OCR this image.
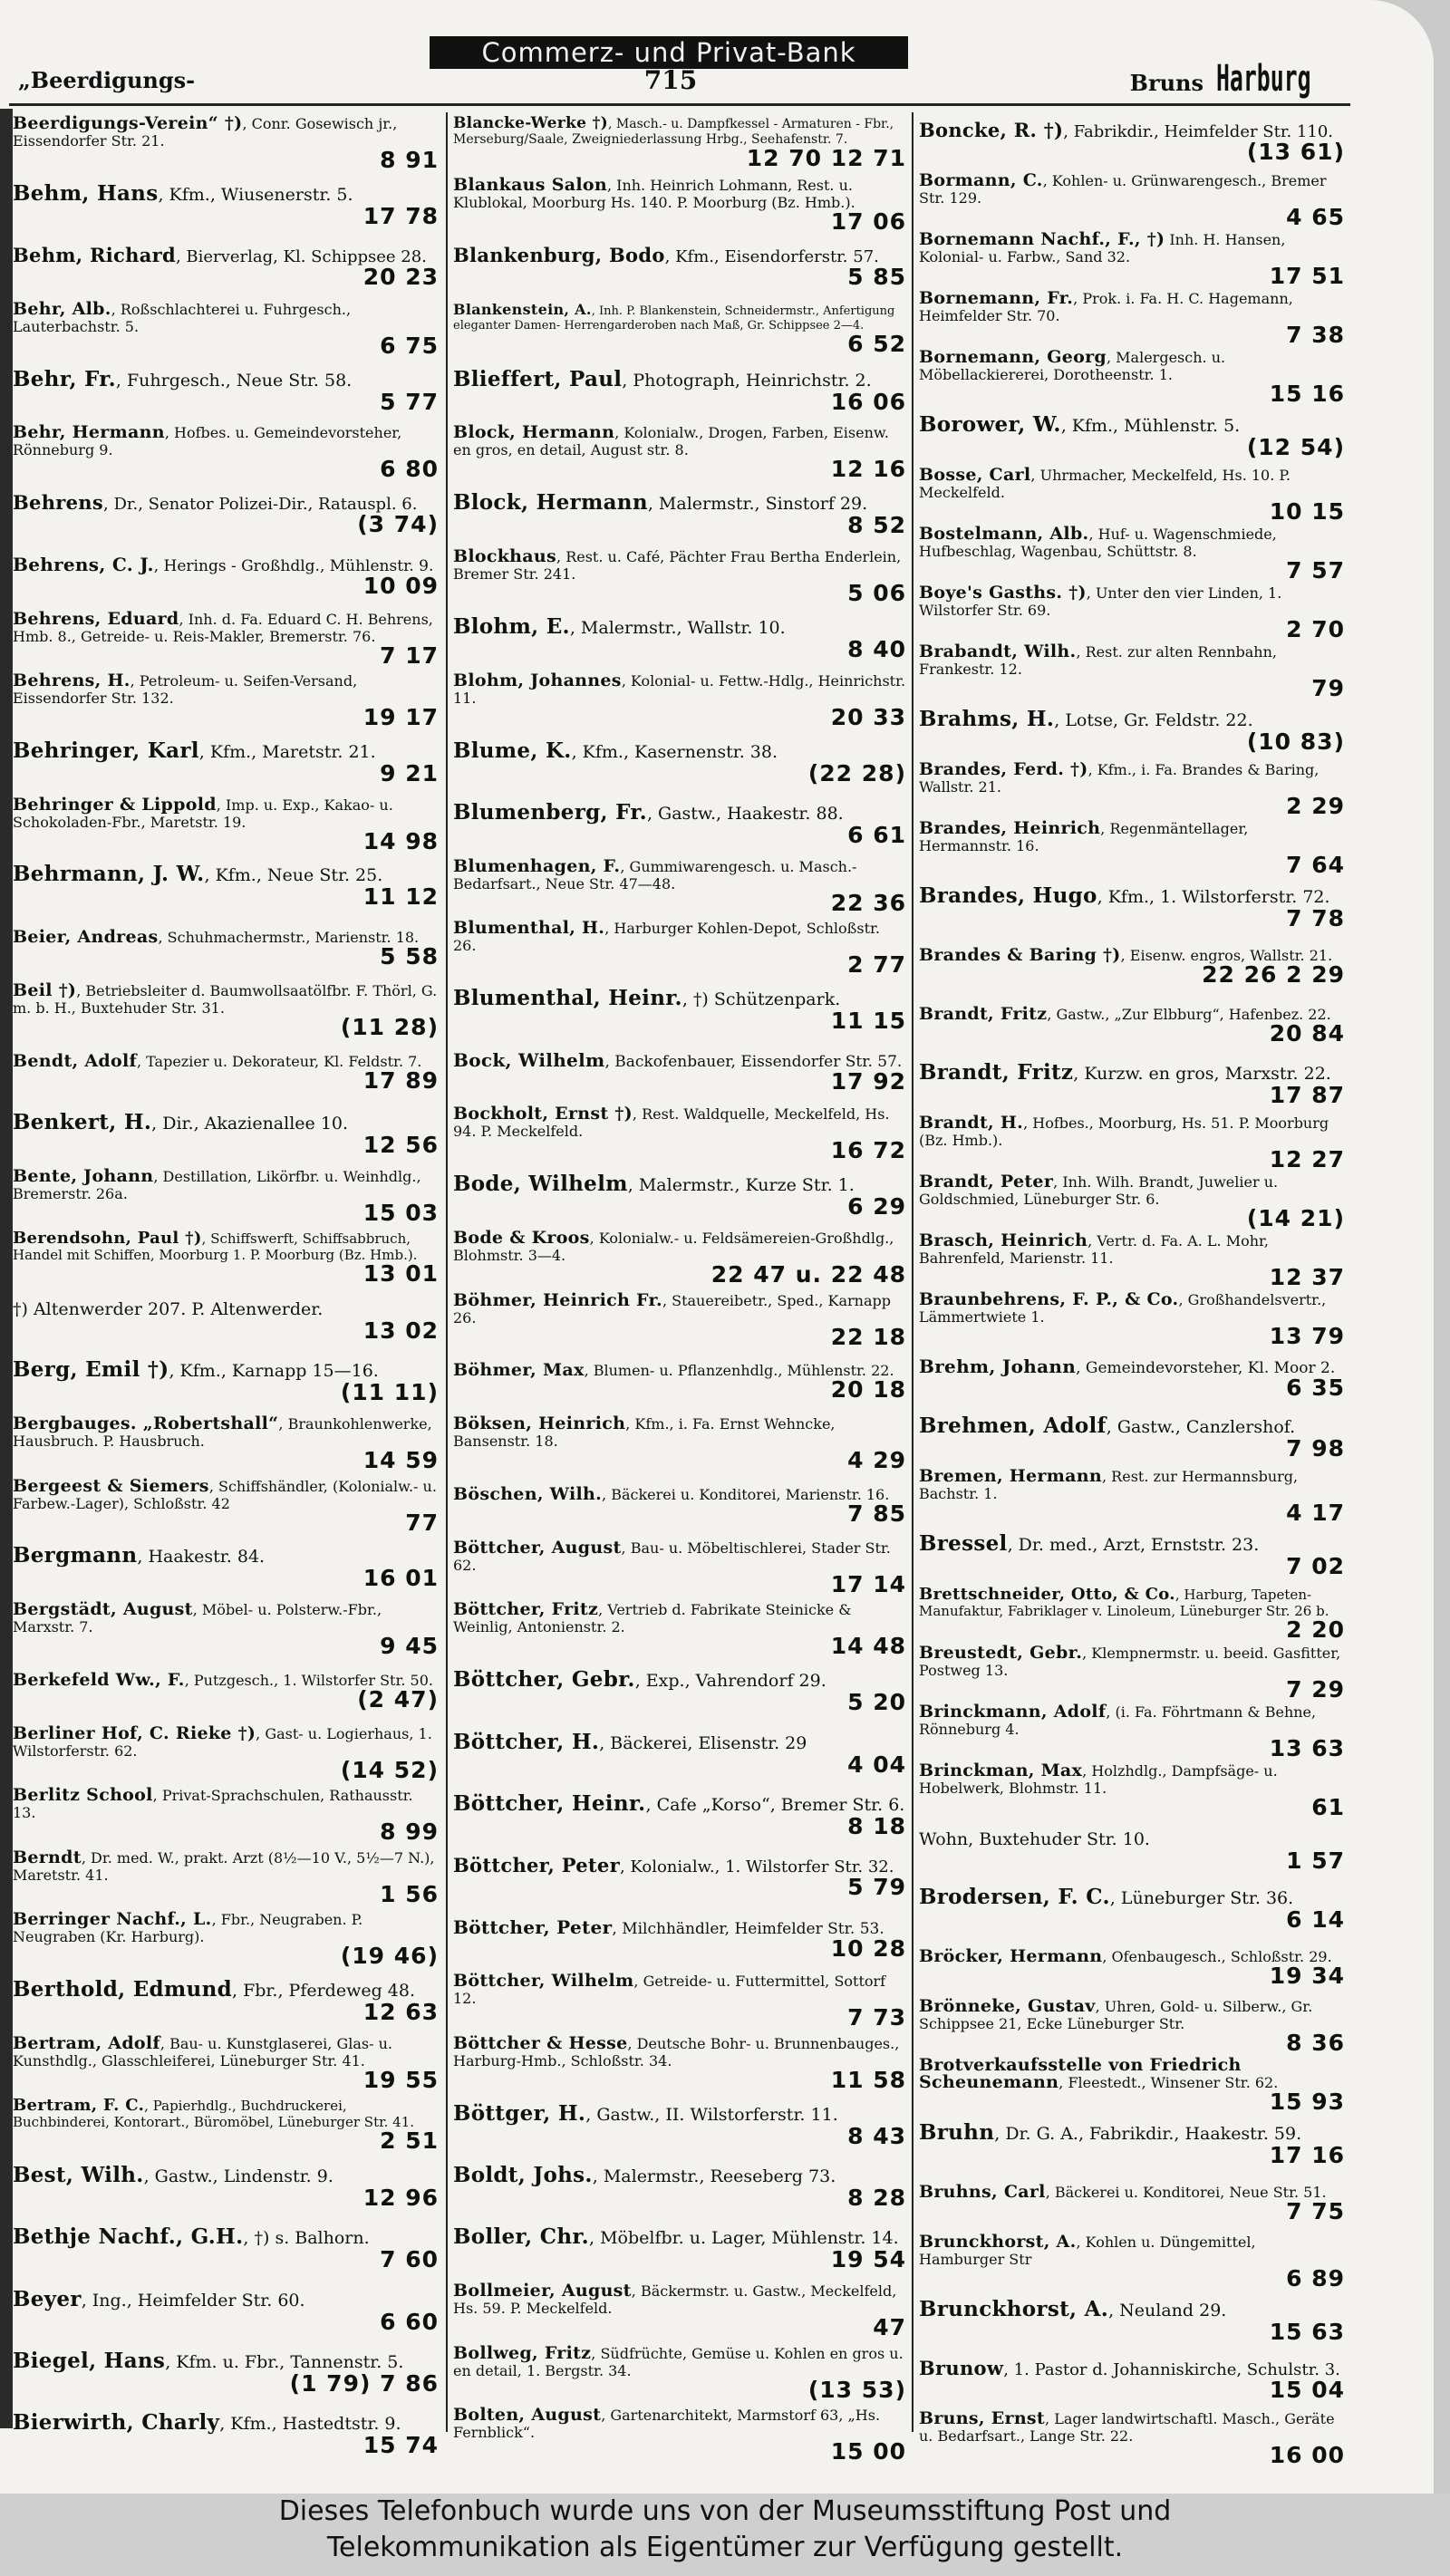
„Beerdigungs-
Commerz- und Privat-Bank
715	Bruns Harburg
Beerdigungs-Verein“ †), Conr. Gosewisch jr., Eissendorfer Str. 21.
8 91
Behm, Hans, Kfm., Wiusenerstr. 5.
17 78
Behm, Richard, Bierverlag, Kl. Schippsee 28.
20 23
Behr, Alb., Roßschlachterei u. Fuhrgesch., Lauterbachstr. 5.
6 75
Behr, Fr., Fuhrgesch., Neue Str. 58.
5 77
Behr, Hermann, Hofbes. u. Gemeindevorsteher, Rönneburg 9.
6 80
Behrens, Dr., Senator Polizei-Dir., Ratauspl. 6.
(3 74)
Behrens, C. J., Herings - Großhdlg., Mühlenstr. 9.
10 09
Behrens, Eduard, Inh. d. Fa. Eduard C. H. Behrens, Hmb. 8., Getreide- u. Reis-Makler, Bremerstr. 76.
7 17
Behrens, H., Petroleum- u. Seifen-Versand, Eissendorfer Str. 132.
19 17
Behringer, Karl, Kfm., Maretstr. 21.
9 21
Behringer & Lippold, Imp. u. Exp., Kakao- u. Schokoladen-Fbr., Maretstr. 19.
14 98
Behrmann, J. W., Kfm., Neue Str. 25.
11 12
Beier, Andreas, Schuhmachermstr., Marienstr. 18.
5 58
Beil †), Betriebsleiter d. Baumwollsaatölfbr. F. Thörl, G. m. b. H., Buxtehuder Str. 31.
(11 28)
Bendt, Adolf, Tapezier u. Dekorateur, Kl. Feldstr. 7.
17 89
Benkert, H., Dir., Akazienallee 10.
12 56
Bente, Johann, Destillation, Likörfbr. u. Weinhdlg., Bremerstr. 26a.
15 03
Berendsohn, Paul †), Schiffswerft, Schiffsabbruch, Handel mit Schiffen, Moorburg 1. P. Moorburg (Bz. Hmb.).
13 01
†) Altenwerder 207. P. Altenwerder.
13 02
Berg, Emil †), Kfm., Karnapp 15—16.
(11 11)
Bergbauges. „Robertshall“, Braunkohlenwerke, Hausbruch. P. Hausbruch.
14 59
Bergeest & Siemers, Schiffshändler, (Kolonialw.- u. Farbew.-Lager), Schloßstr. 42
77
Bergmann, Haakestr. 84.
16 01
Bergstädt, August, Möbel- u. Polsterw.-Fbr., Marxstr. 7.
9 45
Berkefeld Ww., F., Putzgesch., 1. Wilstorfer Str. 50.
(2 47)
Berliner Hof, C. Rieke †), Gast- u. Logierhaus, 1. Wilstorferstr. 62.
(14 52)
Berlitz School, Privat-Sprachschulen, Rathausstr. 13.
8 99
Berndt, Dr. med. W., prakt. Arzt (8½—10 V., 5½—7 N.), Maretstr. 41.
1 56
Berringer Nachf., L., Fbr., Neugraben. P. Neugraben (Kr. Harburg).
(19 46)
Berthold, Edmund, Fbr., Pferdeweg 48.
12 63
Bertram, Adolf, Bau- u. Kunstglaserei, Glas- u. Kunsthdlg., Glasschleiferei, Lüneburger Str. 41.
19 55
Bertram, F. C., Papierhdlg., Buchdruckerei, Buchbinderei, Kontorart., Büromöbel, Lüneburger Str. 41.
2 51
Best, Wilh., Gastw., Lindenstr. 9.
12 96
Bethje Nachf., G.H., †) s. Balhorn.
7 60
Beyer, Ing., Heimfelder Str. 60.
6 60
Biegel, Hans, Kfm. u. Fbr., Tannenstr. 5.
(1 79) 7 86
Bierwirth, Charly, Kfm., Hastedtstr. 9.
15 74
Blancke-Werke †), Masch.- u. Dampfkessel - Armaturen - Fbr., Merseburg/Saale, Zweigniederlassung Hrbg., Seehafenstr. 7.
12 70 12 71
Blankaus Salon, Inh. Heinrich Lohmann, Rest. u. Klublokal, Moorburg Hs. 140. P. Moorburg (Bz. Hmb.).
17 06
Blankenburg, Bodo, Kfm., Eisendorferstr. 57.
5 85
Blankenstein, A., Inh. P. Blankenstein, Schneidermstr., Anfertigung eleganter Damen- Herrengarderoben nach Maß, Gr. Schippsee 2—4.
6 52
Blieffert, Paul, Photograph, Heinrichstr. 2.
16 06
Block, Hermann, Kolonialw., Drogen, Farben, Eisenw. en gros, en detail, August str. 8.
12 16
Block, Hermann, Malermstr., Sinstorf 29.
8 52
Blockhaus, Rest. u. Café, Pächter Frau Bertha Enderlein, Bremer Str. 241.
5 06
Blohm, E., Malermstr., Wallstr. 10.
8 40
Blohm, Johannes, Kolonial- u. Fettw.-Hdlg., Heinrichstr. 11.
20 33
Blume, K., Kfm., Kasernenstr. 38.
(22 28)
Blumenberg, Fr., Gastw., Haakestr. 88.
6 61
Blumenhagen, F., Gummiwarengesch. u. Masch.-Bedarfsart., Neue Str. 47—48.
22 36
Blumenthal, H., Harburger Kohlen-Depot, Schloßstr. 26.
2 77
Blumenthal, Heinr., †) Schützenpark.
11 15
Bock, Wilhelm, Backofenbauer, Eissendorfer Str. 57.
17 92
Bockholt, Ernst †), Rest. Waldquelle, Meckelfeld, Hs. 94. P. Meckelfeld.
16 72
Bode, Wilhelm, Malermstr., Kurze Str. 1.
6 29
Bode & Kroos, Kolonialw.- u. Feldsämereien-Großhdlg., Blohmstr. 3—4.
22 47 u. 22 48
Böhmer, Heinrich Fr., Stauereibetr., Sped., Karnapp 26.
22 18
Böhmer, Max, Blumen- u. Pflanzenhdlg., Mühlenstr. 22.
20 18
Böksen, Heinrich, Kfm., i. Fa. Ernst Wehncke, Bansenstr. 18.
4 29
Böschen, Wilh., Bäckerei u. Konditorei, Marienstr. 16.
7 85
Böttcher, August, Bau- u. Möbeltischlerei, Stader Str. 62.
17 14
Böttcher, Fritz, Vertrieb d. Fabrikate Steinicke & Weinlig, Antonienstr. 2.
14 48
Böttcher, Gebr., Exp., Vahrendorf 29.
5 20
Böttcher, H., Bäckerei, Elisenstr. 29
4 04
Böttcher, Heinr., Cafe „Korso“, Bremer Str. 6.
8 18
Böttcher, Peter, Kolonialw., 1. Wilstorfer Str. 32.
5 79
Böttcher, Peter, Milchhändler, Heimfelder Str. 53.
10 28
Böttcher, Wilhelm, Getreide- u. Futtermittel, Sottorf 12.
7 73
Böttcher & Hesse, Deutsche Bohr- u. Brunnenbauges., Harburg-Hmb., Schloßstr. 34.
11 58
Böttger, H., Gastw., II. Wilstorferstr. 11.
8 43
Boldt, Johs., Malermstr., Reeseberg 73.
8 28
Boller, Chr., Möbelfbr. u. Lager, Mühlenstr. 14.
19 54
Bollmeier, August, Bäckermstr. u. Gastw., Meckelfeld, Hs. 59. P. Meckelfeld.
47
Bollweg, Fritz, Südfrüchte, Gemüse u. Kohlen en gros u. en detail, 1. Bergstr. 34.
(13 53)
Bolten, August, Gartenarchitekt, Marmstorf 63, „Hs. Fernblick“.
15 00
Boncke, R. †), Fabrikdir., Heimfelder Str. 110.
(13 61)
Bormann, C., Kohlen- u. Grünwarengesch., Bremer Str. 129.
4 65
Bornemann Nachf., F., †) Inh. H. Hansen, Kolonial- u. Farbw., Sand 32.
17 51
Bornemann, Fr., Prok. i. Fa. H. C. Hagemann, Heimfelder Str. 70.
7 38
Bornemann, Georg, Malergesch. u. Möbellackiererei, Dorotheenstr. 1.
15 16
Borower, W., Kfm., Mühlenstr. 5.
(12 54)
Bosse, Carl, Uhrmacher, Meckelfeld, Hs. 10. P. Meckelfeld.
10 15
Bostelmann, Alb., Huf- u. Wagenschmiede, Hufbeschlag, Wagenbau, Schüttstr. 8.
7 57
Boye's Gasths. †), Unter den vier Linden, 1. Wilstorfer Str. 69.
2 70
Brabandt, Wilh., Rest. zur alten Rennbahn, Frankestr. 12.
79
Brahms, H., Lotse, Gr. Feldstr. 22.
(10 83)
Brandes, Ferd. †), Kfm., i. Fa. Brandes & Baring, Wallstr. 21.
2 29
Brandes, Heinrich, Regenmäntellager, Hermannstr. 16.
7 64
Brandes, Hugo, Kfm., 1. Wilstorferstr. 72.
7 78
Brandes & Baring †), Eisenw. engros, Wallstr. 21.
22 26 2 29
Brandt, Fritz, Gastw., „Zur Elbburg“, Hafenbez. 22.
20 84
Brandt, Fritz, Kurzw. en gros, Marxstr. 22.
17 87
Brandt, H., Hofbes., Moorburg, Hs. 51. P. Moorburg (Bz. Hmb.).
12 27
Brandt, Peter, Inh. Wilh. Brandt, Juwelier u. Goldschmied, Lüneburger Str. 6.
(14 21)
Brasch, Heinrich, Vertr. d. Fa. A. L. Mohr, Bahrenfeld, Marienstr. 11.
12 37
Braunbehrens, F. P., & Co., Großhandelsvertr., Lämmertwiete 1.
13 79
Brehm, Johann, Gemeindevorsteher, Kl. Moor 2.
6 35
Brehmen, Adolf, Gastw., Canzlershof.
7 98
Bremen, Hermann, Rest. zur Hermannsburg, Bachstr. 1.
4 17
Bressel, Dr. med., Arzt, Ernststr. 23.
7 02
Brettschneider, Otto, & Co., Harburg, Tapeten-Manufaktur, Fabriklager v. Linoleum, Lüneburger Str. 26 b.
2 20
Breustedt, Gebr., Klempnermstr. u. beeid. Gasfitter, Postweg 13.
7 29
Brinckmann, Adolf, (i. Fa. Föhrtmann & Behne, Rönneburg 4.
13 63
Brinckman, Max, Holzhdlg., Dampfsäge- u. Hobelwerk, Blohmstr. 11.
61
Wohn, Buxtehuder Str. 10.
1 57
Brodersen, F. C., Lüneburger Str. 36.
6 14
Bröcker, Hermann, Ofenbaugesch., Schloßstr. 29.
19 34
Brönneke, Gustav, Uhren, Gold- u. Silberw., Gr. Schippsee 21, Ecke Lüneburger Str.
8 36
Brotverkaufsstelle von Friedrich Scheunemann, Fleestedt., Winsener Str. 62.
15 93
Bruhn, Dr. G. A., Fabrikdir., Haakestr. 59.
17 16
Bruhns, Carl, Bäckerei u. Konditorei, Neue Str. 51.
7 75
Brunckhorst, A., Kohlen u. Düngemittel, Hamburger Str
6 89
Brunckhorst, A., Neuland 29.
15 63
Brunow, 1. Pastor d. Johanniskirche, Schulstr. 3.
15 04
Bruns, Ernst, Lager landwirtschaftl. Masch., Geräte u. Bedarfsart., Lange Str. 22.
16 00
Dieses Telefonbuch wurde uns von der Museumsstiftung Post und
Telekommunikation als Eigentümer zur Verfügung gestellt.
